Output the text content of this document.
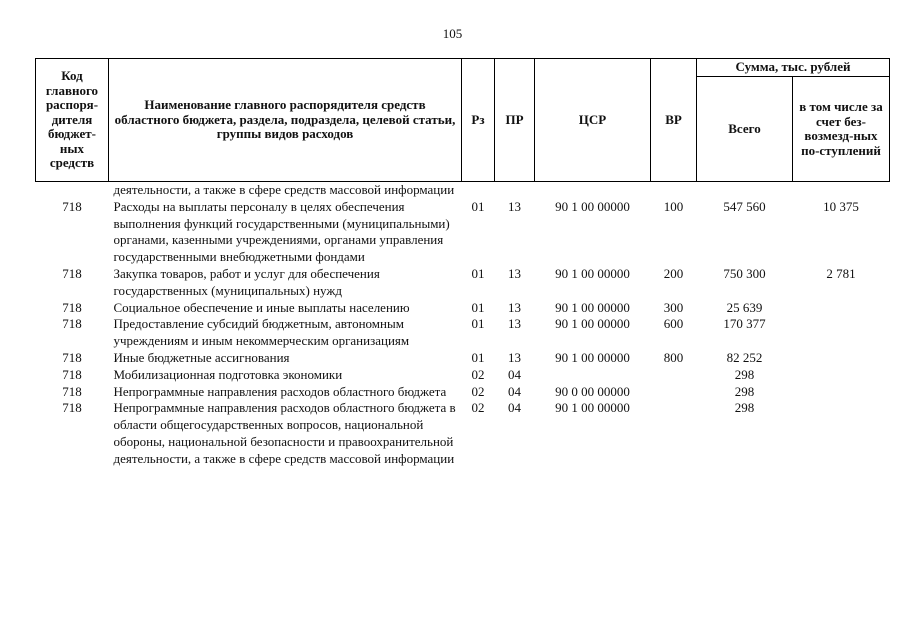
105
Код главного распоря-дителя бюджет-ных средств	Наименование главного распорядителя средств областного бюджета, раздела, подраздела, целевой статьи, группы видов расходов	Рз	ПР	ЦСР	ВР	Сумма, тыс. рублей	
						Всего	в том числе за счет без-возмезд-ных по-ступлений
	деятельности, а также в сфере средств массовой информации						
718	Расходы на выплаты персоналу в целях обеспечения выполнения функций государственными (муниципальными) органами, казенными учреждениями, органами управления государственными внебюджетными фондами	01	13	90 1 00 00000	100	547 560	10 375
718	Закупка товаров, работ и услуг для обеспечения государственных (муниципальных) нужд	01	13	90 1 00 00000	200	750 300	2 781
718	Социальное обеспечение и иные выплаты населению	01	13	90 1 00 00000	300	25 639	
718	Предоставление субсидий бюджетным, автономным учреждениям и иным некоммерческим организациям	01	13	90 1 00 00000	600	170 377	
718	Иные бюджетные ассигнования	01	13	90 1 00 00000	800	82 252	
718	Мобилизационная подготовка экономики	02	04			298	
718	Непрограммные направления расходов областного бюджета	02	04	90 0 00 00000		298	
718	Непрограммные направления расходов областного бюджета в области общегосударственных вопросов, национальной обороны, национальной безопасности и правоохранительной деятельности, а также в сфере средств массовой информации	02	04	90 1 00 00000		298	
